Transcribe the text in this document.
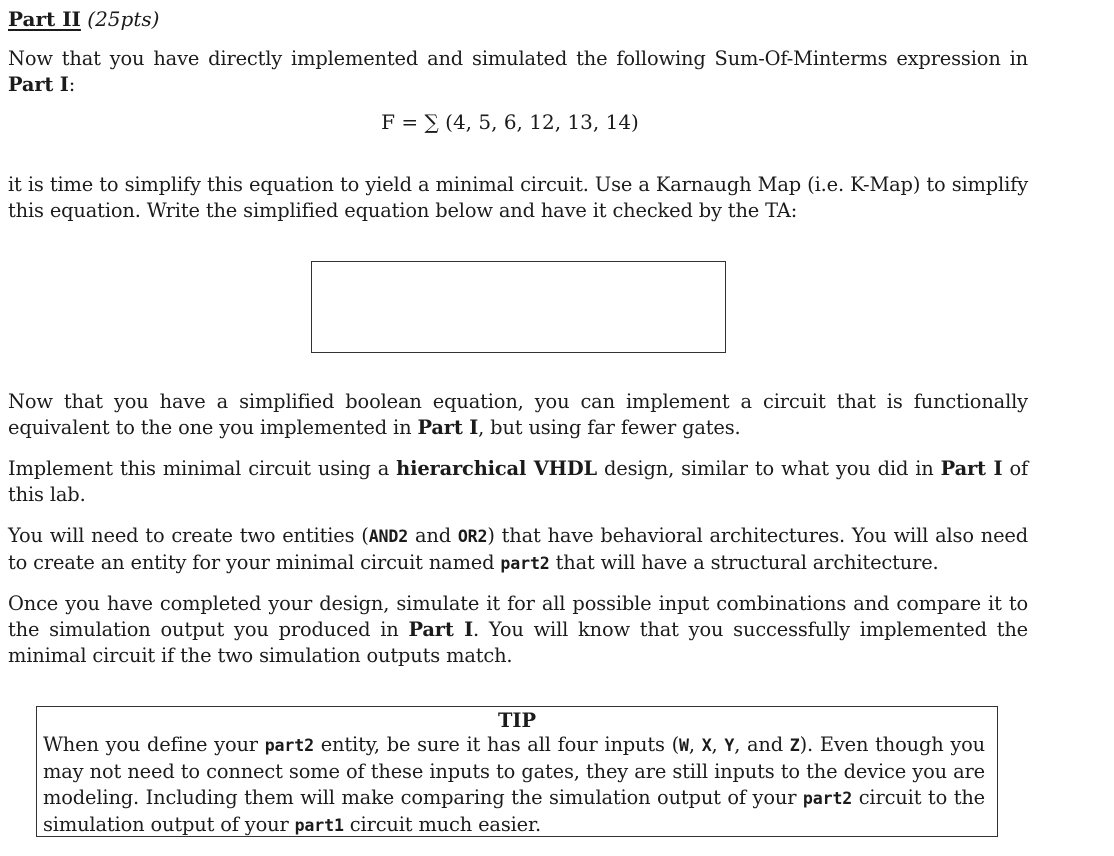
Part II (25pts)

Now that you have directly implemented and simulated the following Sum-Of-Minterms expression in Part I:

F = ∑ (4, 5, 6, 12, 13, 14)

it is time to simplify this equation to yield a minimal circuit. Use a Karnaugh Map (i.e. K-Map) to simplify this equation. Write the simplified equation below and have it checked by the TA:

Now that you have a simplified boolean equation, you can implement a circuit that is functionally equivalent to the one you implemented in Part I, but using far fewer gates.

Implement this minimal circuit using a hierarchical VHDL design, similar to what you did in Part I of this lab.

You will need to create two entities (AND2 and OR2) that have behavioral architectures. You will also need to create an entity for your minimal circuit named part2 that will have a structural architecture.

Once you have completed your design, simulate it for all possible input combinations and compare it to the simulation output you produced in Part I. You will know that you successfully implemented the minimal circuit if the two simulation outputs match.

TIP

When you define your part2 entity, be sure it has all four inputs (W, X, Y, and Z). Even though you may not need to connect some of these inputs to gates, they are still inputs to the device you are modeling. Including them will make comparing the simulation output of your part2 circuit to the simulation output of your part1 circuit much easier.
